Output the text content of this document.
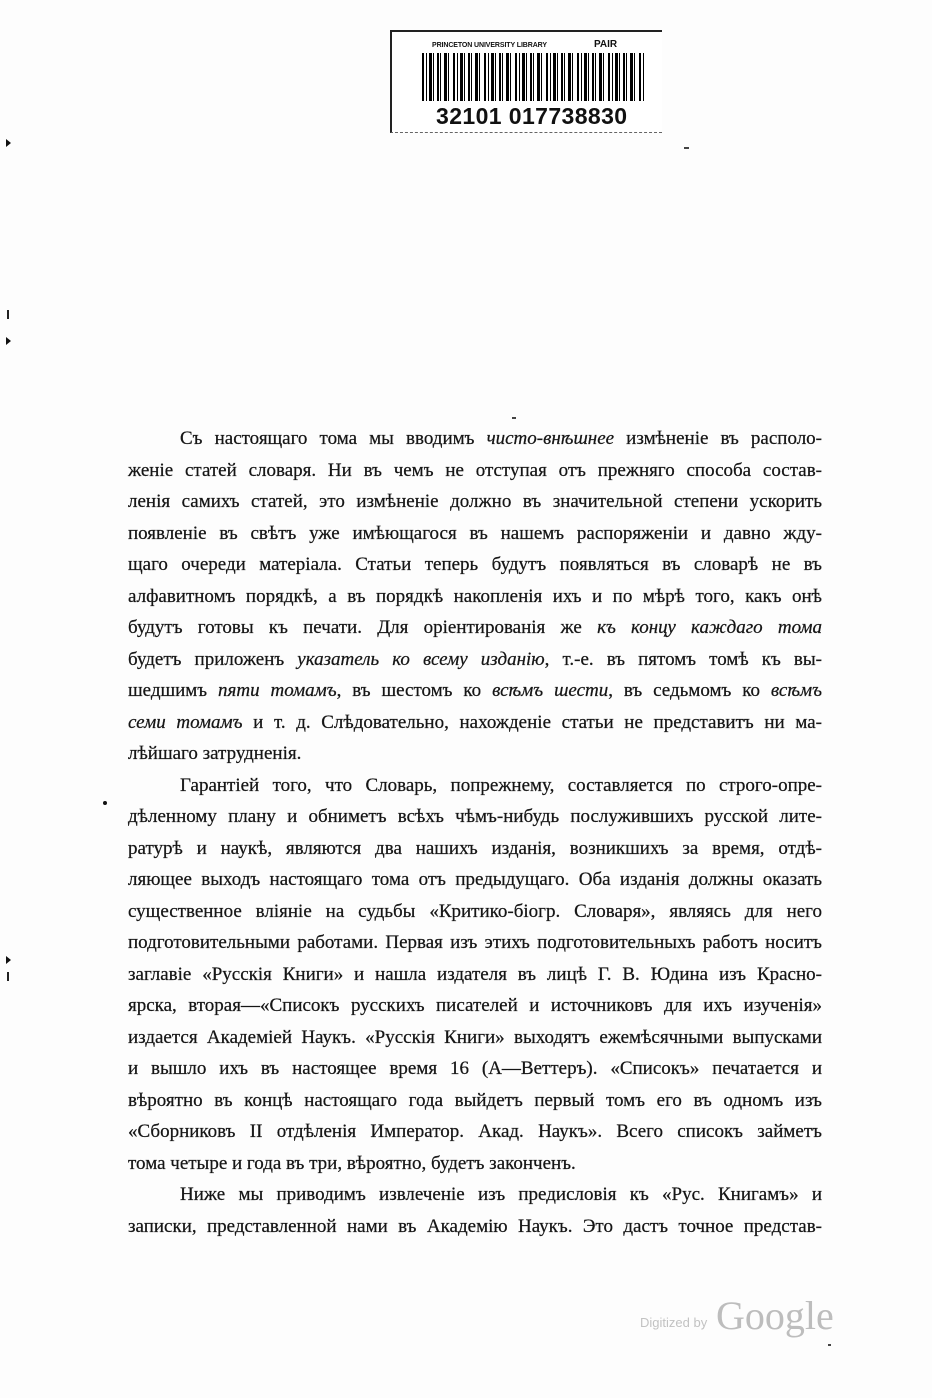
PRINCETON UNIVERSITY LIBRARY	PAIR
32101 017738830
Съ настоящаго тома мы вводимъ чисто-внѣшнее измѣненіе въ располо-
женіе статей словаря. Ни въ чемъ не отступая отъ прежняго способа состав-
ленія самихъ статей, это измѣненіе должно въ значительной степени ускорить
появленіе въ свѣтъ уже имѣющагося въ нашемъ распоряженіи и давно жду-
щаго очереди матеріала. Статьи теперь будутъ появляться въ словарѣ не въ
алфавитномъ порядкѣ, а въ порядкѣ накопленія ихъ и по мѣрѣ того, какъ онѣ
будутъ готовы къ печати. Для оріентированія же къ концу каждаго тома
будетъ приложенъ указатель ко всему изданію, т.-е. въ пятомъ томѣ къ вы-
шедшимъ пяти томамъ, въ шестомъ ко всѣмъ шести, въ седьмомъ ко всѣмъ
семи томамъ и т. д. Слѣдовательно, нахожденіе статьи не представитъ ни ма-
лѣйшаго затрудненія.
Гарантіей того, что Словарь, попрежнему, составляется по строго-опре-
дѣленному плану и обниметъ всѣхъ чѣмъ-нибудь послужившихъ русской лите-
ратурѣ и наукѣ, являются два нашихъ изданія, возникшихъ за время, отдѣ-
ляющее выходъ настоящаго тома отъ предыдущаго. Оба изданія должны оказать
существенное вліяніе на судьбы «Критико-біогр. Словаря», являясь для него
подготовительными работами. Первая изъ этихъ подготовительныхъ работъ носитъ
заглавіе «Русскія Книги» и нашла издателя въ лицѣ Г. В. Юдина изъ Красно-
ярска, вторая—«Списокъ русскихъ писателей и источниковъ для ихъ изученія»
издается Академіей Наукъ. «Русскія Книги» выходятъ ежемѣсячными выпусками
и вышло ихъ въ настоящее время 16 (А—Веттеръ). «Списокъ» печатается и
вѣроятно въ концѣ настоящаго года выйдетъ первый томъ его въ одномъ изъ
«Сборниковъ II отдѣленія Император. Акад. Наукъ». Всего списокъ займетъ
тома четыре и года въ три, вѣроятно, будетъ законченъ.
Ниже мы приводимъ извлеченіе изъ предисловія къ «Рус. Книгамъ» и
записки, представленной нами въ Академію Наукъ. Это дастъ точное представ-
Digitized by Google
